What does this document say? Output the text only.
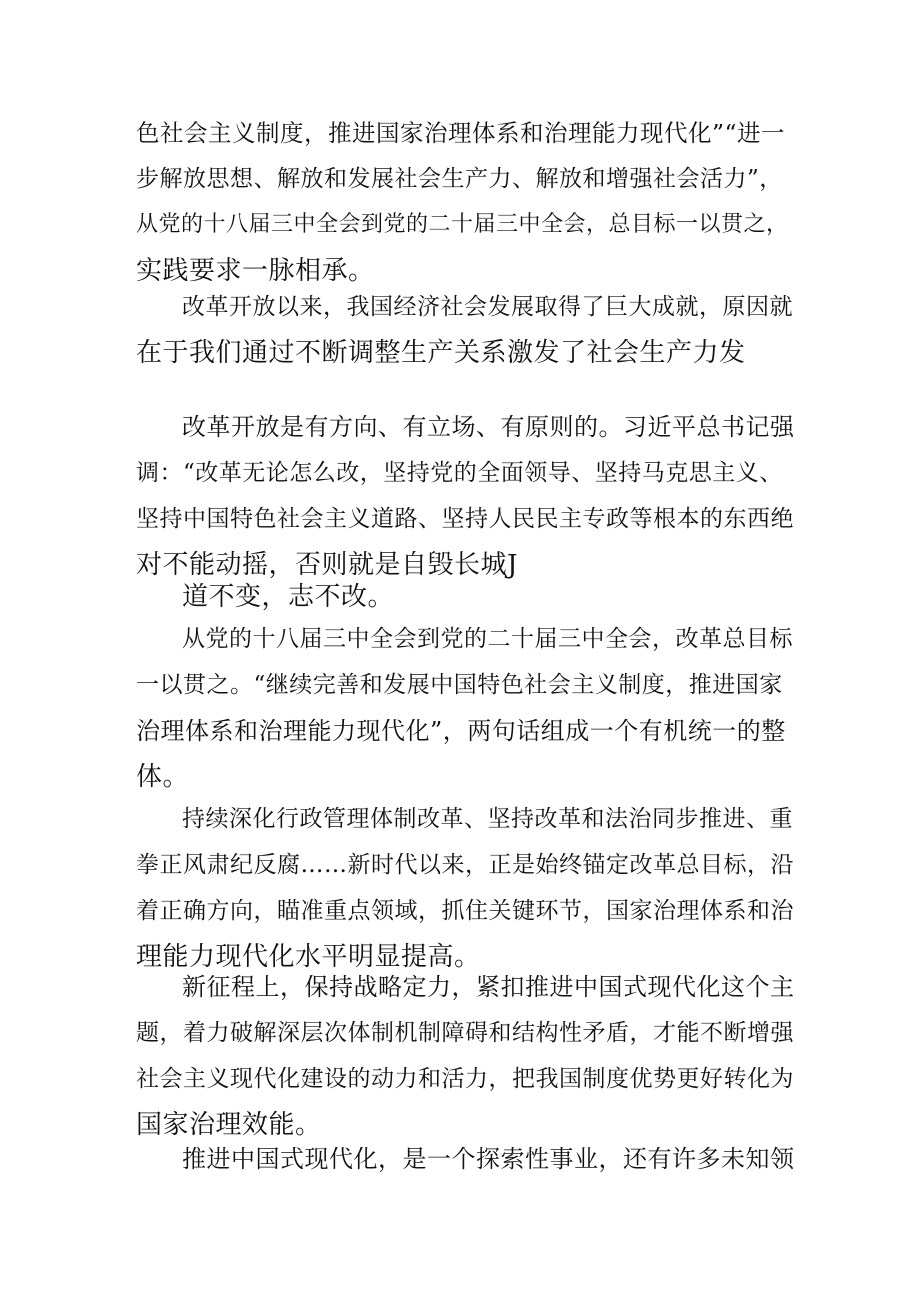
色社会主义制度，推进国家治理体系和治理能力现代化”“进一
步解放思想、解放和发展社会生产力、解放和增强社会活力”，
从党的十八届三中全会到党的二十届三中全会，总目标一以贯之，
实践要求一脉相承。
改革开放以来，我国经济社会发展取得了巨大成就，原因就
在于我们通过不断调整生产关系激发了社会生产力发
改革开放是有方向、有立场、有原则的。习近平总书记强
调：“改革无论怎么改，坚持党的全面领导、坚持马克思主义、
坚持中国特色社会主义道路、坚持人民民主专政等根本的东西绝
对不能动摇，否则就是自毁长城J
道不变，志不改。
从党的十八届三中全会到党的二十届三中全会，改革总目标
一以贯之。“继续完善和发展中国特色社会主义制度，推进国家
治理体系和治理能力现代化”，两句话组成一个有机统一的整
体。
持续深化行政管理体制改革、坚持改革和法治同步推进、重
拳正风肃纪反腐……新时代以来，正是始终锚定改革总目标，沿
着正确方向，瞄准重点领域，抓住关键环节，国家治理体系和治
理能力现代化水平明显提高。
新征程上，保持战略定力，紧扣推进中国式现代化这个主
题，着力破解深层次体制机制障碍和结构性矛盾，才能不断增强
社会主义现代化建设的动力和活力，把我国制度优势更好转化为
国家治理效能。
推进中国式现代化，是一个探索性事业，还有许多未知领
